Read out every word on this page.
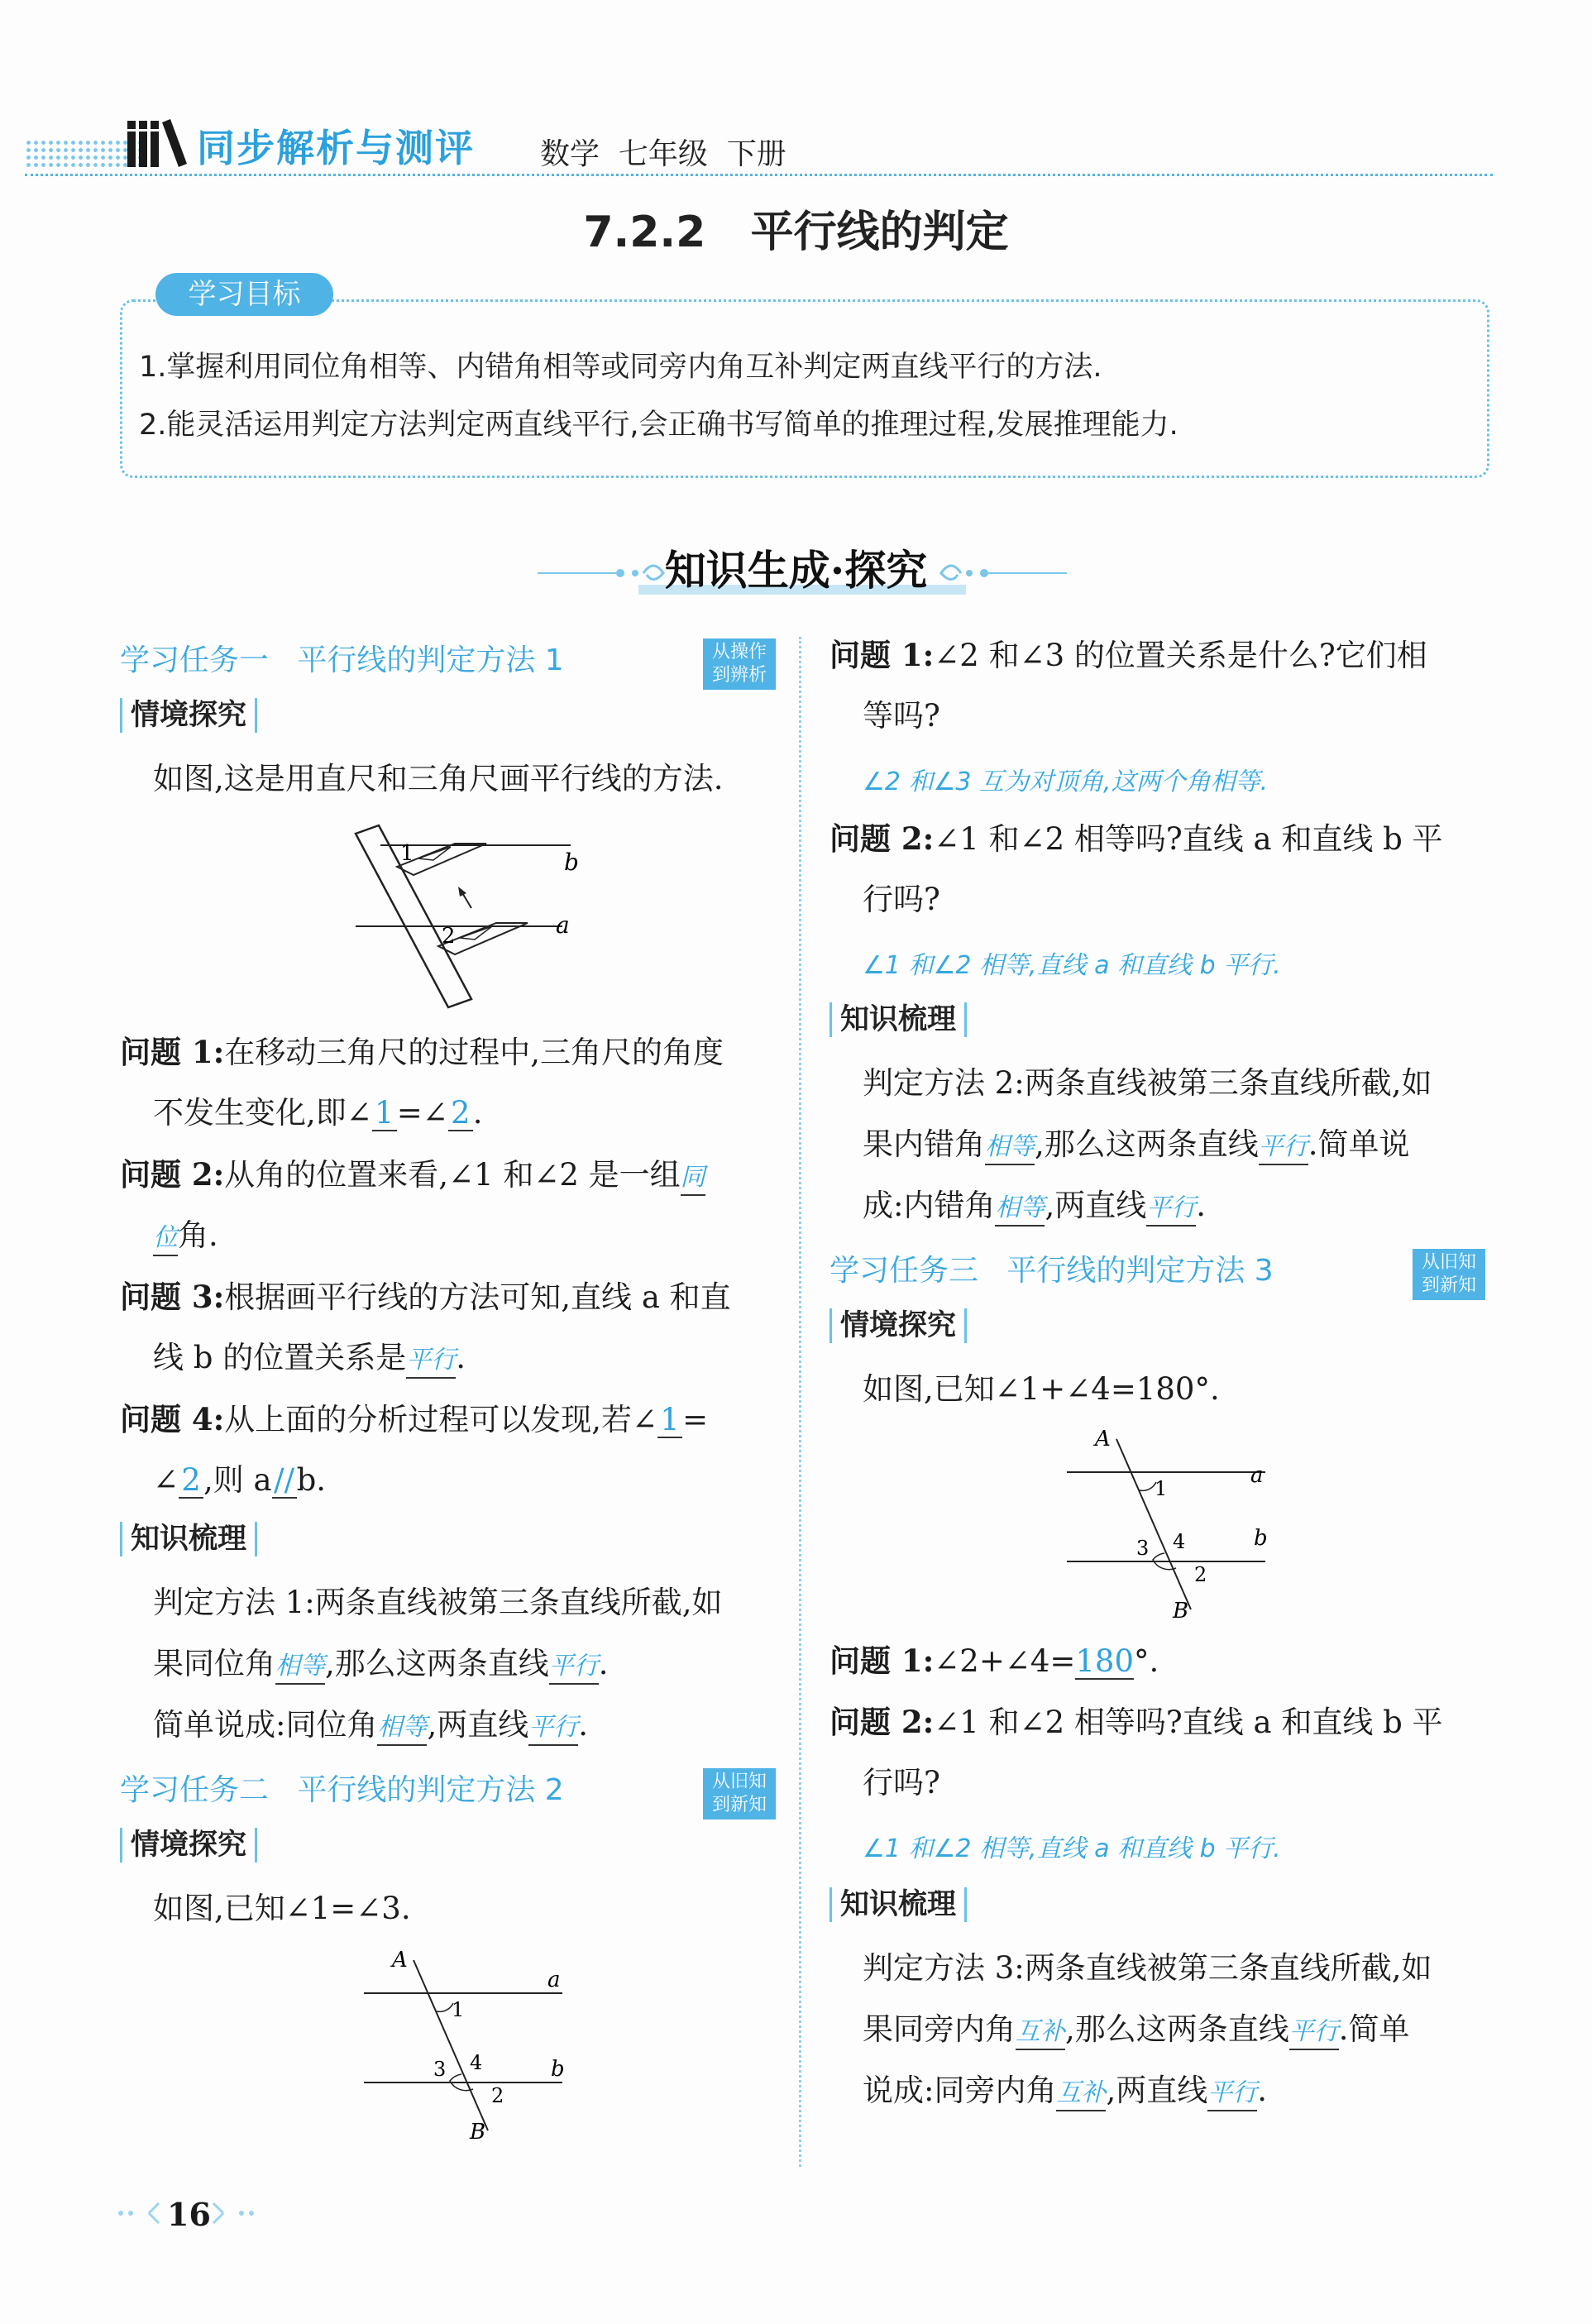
同步解析与测评 数学  七年级  下册
7.2.2   平行线的判定
学习目标
1.掌握利用同位角相等、内错角相等或同旁内角互补判定两直线平行的方法.
2.能灵活运用判定方法判定两直线平行,会正确书写简单的推理过程,发展推理能力.
知识生成·探究
学习任务一   平行线的判定方法 1	从操作
到辨析
情境探究
如图,这是用直尺和三角尺画平行线的方法.
1
2
b
a
问题 1:在移动三角尺的过程中,三角尺的角度
不发生变化,即∠1=∠2.
问题 2:从角的位置来看,∠1 和∠2 是一组同
位角.
问题 3:根据画平行线的方法可知,直线 a 和直
线 b 的位置关系是平行.
问题 4:从上面的分析过程可以发现,若∠1=
∠2,则 a//b.
知识梳理
判定方法 1:两条直线被第三条直线所截,如
果同位角相等,那么这两条直线平行.
简单说成:同位角相等,两直线平行.
学习任务二   平行线的判定方法 2	从旧知
到新知
情境探究
如图,已知∠1=∠3.
A
1
a
3 4	b
2
B
问题 1:∠2 和∠3 的位置关系是什么?它们相
等吗?
∠2 和∠3 互为对顶角,这两个角相等.
问题 2:∠1 和∠2 相等吗?直线 a 和直线 b 平
行吗?
∠1 和∠2 相等,直线 a 和直线 b 平行.
知识梳理
判定方法 2:两条直线被第三条直线所截,如
果内错角相等,那么这两条直线平行.简单说
成:内错角相等,两直线平行.
学习任务三   平行线的判定方法 3	从旧知
到新知
情境探究
如图,已知∠1+∠4=180°.
A
1
a
3 4	b
2
B
问题 1:∠2+∠4=180°.
问题 2:∠1 和∠2 相等吗?直线 a 和直线 b 平
行吗?
∠1 和∠2 相等,直线 a 和直线 b 平行.
知识梳理
判定方法 3:两条直线被第三条直线所截,如
果同旁内角互补,那么这两条直线平行.简单
说成:同旁内角互补,两直线平行.
16
